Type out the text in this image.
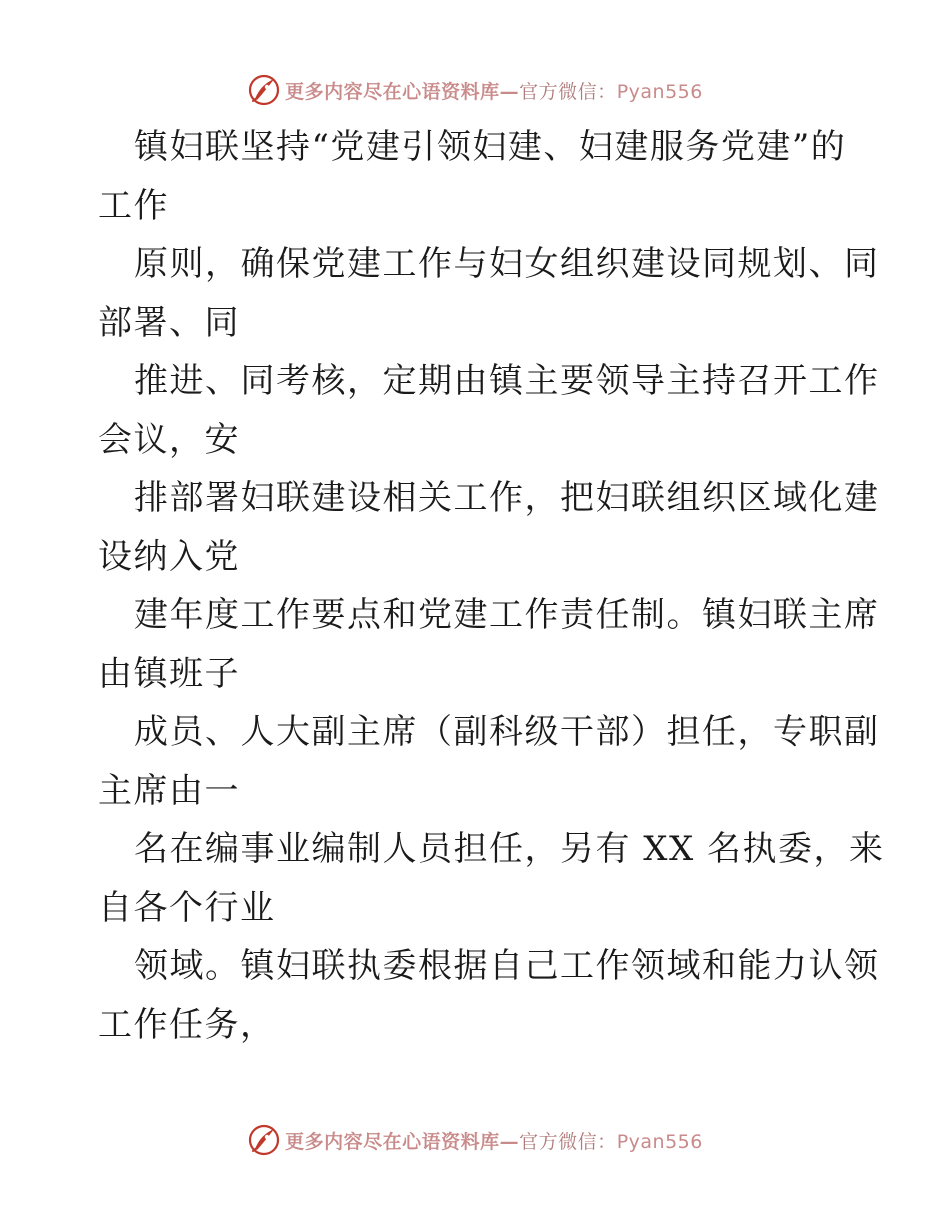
更多内容尽在心语资料库—官方微信：Pyan556
镇妇联坚持“党建引领妇建、妇建服务党建”的
工作
原则，确保党建工作与妇女组织建设同规划、同
部署、同
推进、同考核，定期由镇主要领导主持召开工作
会议，安
排部署妇联建设相关工作，把妇联组织区域化建
设纳入党
建年度工作要点和党建工作责任制。镇妇联主席
由镇班子
成员、人大副主席（副科级干部）担任，专职副
主席由一
名在编事业编制人员担任，另有 XX 名执委，来
自各个行业
领域。镇妇联执委根据自己工作领域和能力认领
工作任务，
更多内容尽在心语资料库—官方微信：Pyan556
